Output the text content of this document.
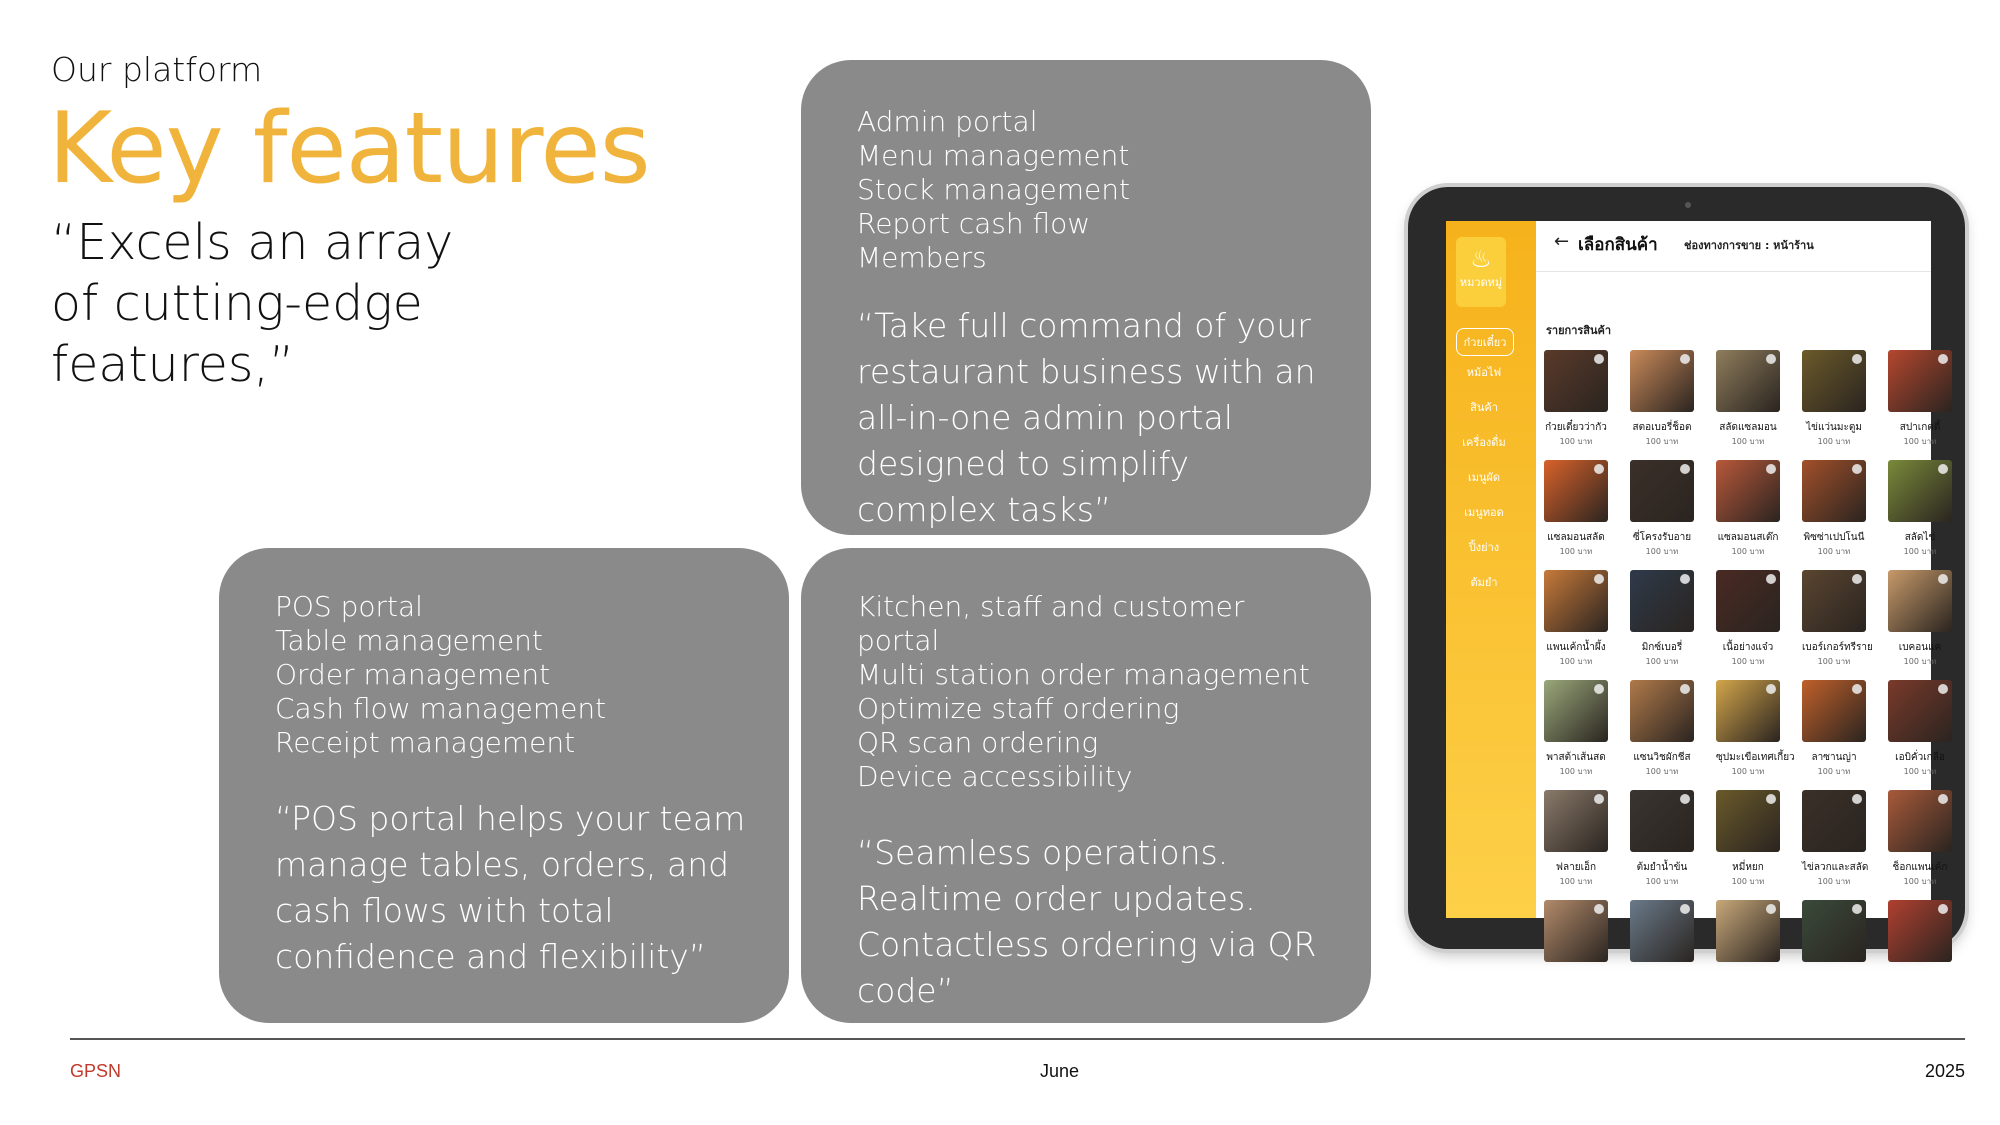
Our platform
Key features
“Excels an array of cutting-edge features,”
Admin portal
Menu management
Stock management
Report cash flow
Members
“Take full command of your restaurant business with an all-in-one admin portal designed to simplify complex tasks”
POS portal
Table management
Order management
Cash flow management
Receipt management
“POS portal helps your team manage tables, orders, and cash flows with total confidence and flexibility”
Kitchen, staff and customer portal
Multi station order management
Optimize staff ordering
QR scan ordering
Device accessibility
“Seamless operations. Realtime order updates. Contactless ordering via QR code”
♨
หมวดหมู่
ก๋วยเตี๋ยว
หม้อไฟ
สินค้า
เครื่องดื่ม
เมนูผัด
เมนูทอด
ปิ้งย่าง
ต้มยำ
← เลือกสินค้า ช่องทางการขาย : หน้าร้าน
รายการสินค้า
ก๋วยเตี๋ยวว่ากัว
100 บาท
สตอเบอรี่ช็อต
100 บาท
สลัดแซลมอน
100 บาท
ไข่แว่นมะตูม
100 บาท
สปาเกตตี้
100 บาท
แซลมอนสลัด
100 บาท
ซี่โครงรับอาย
100 บาท
แซลมอนสเต๊ก
100 บาท
พิซซ่าเปปโนนี
100 บาท
สลัดไข่
100 บาท
แพนเค้กน้ำผึ้ง
100 บาท
มิกซ์เบอรี่
100 บาท
เนื้อย่างแจ๋ว
100 บาท
เบอร์เกอร์ทรีราย
100 บาท
เบคอนแค
100 บาท
พาสต้าเส้นสด
100 บาท
แซนวิชผักชีส
100 บาท
ซุปมะเขือเทศเกี้ยว
100 บาท
ลาซานญ่า
100 บาท
เอบิคั่วเกลือ
100 บาท
ฟลายเอ็ก
100 บาท
ต้มยำน้ำข้น
100 บาท
หมี่หยก
100 บาท
ไข่ลวกและสลัด
100 บาท
ช็อกแพนเค้ก
100 บาท
GPSN	June	2025
